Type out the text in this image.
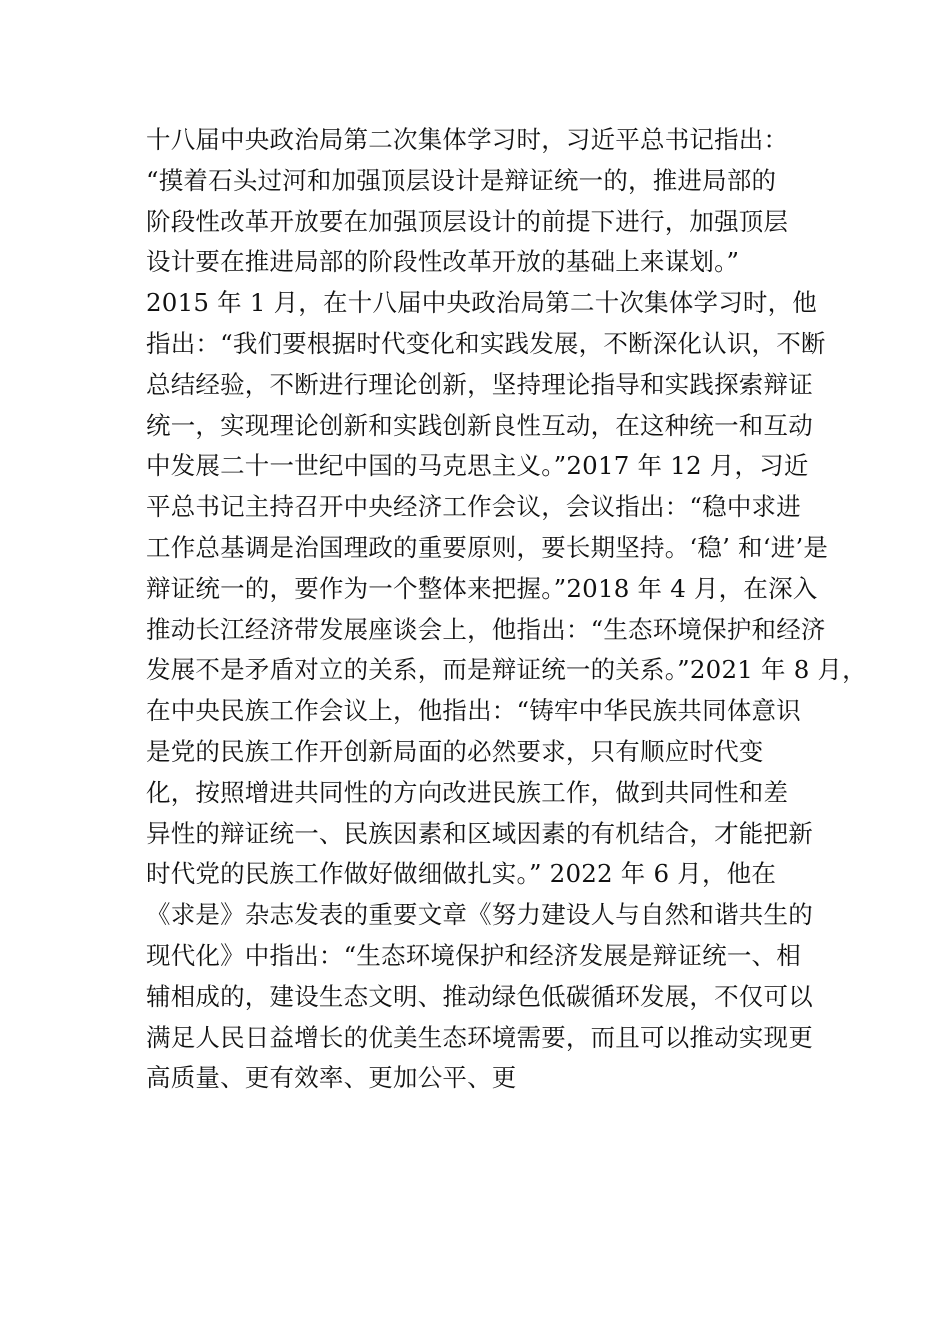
十八届中央政治局第二次集体学习时，习近平总书记指出：
“摸着石头过河和加强顶层设计是辩证统一的，推进局部的
阶段性改革开放要在加强顶层设计的前提下进行，加强顶层
设计要在推进局部的阶段性改革开放的基础上来谋划。”
2015 年 1 月，在十八届中央政治局第二十次集体学习时，他
指出：“我们要根据时代变化和实践发展，不断深化认识，不断
总结经验，不断进行理论创新，坚持理论指导和实践探索辩证
统一，实现理论创新和实践创新良性互动，在这种统一和互动
中发展二十一世纪中国的马克思主义。”2017 年 12 月，习近
平总书记主持召开中央经济工作会议，会议指出：“稳中求进
工作总基调是治国理政的重要原则，要长期坚持。‘稳’ 和‘进’是
辩证统一的，要作为一个整体来把握。”2018 年 4 月，在深入
推动长江经济带发展座谈会上，他指出：“生态环境保护和经济
发展不是矛盾对立的关系，而是辩证统一的关系。”2021 年 8 月，
在中央民族工作会议上，他指出：“铸牢中华民族共同体意识
是党的民族工作开创新局面的必然要求，只有顺应时代变
化，按照增进共同性的方向改进民族工作，做到共同性和差
异性的辩证统一、民族因素和区域因素的有机结合，才能把新
时代党的民族工作做好做细做扎实。” 2022 年 6 月，他在
《求是》杂志发表的重要文章《努力建设人与自然和谐共生的
现代化》中指出：“生态环境保护和经济发展是辩证统一、相
辅相成的，建设生态文明、推动绿色低碳循环发展，不仅可以
满足人民日益增长的优美生态环境需要，而且可以推动实现更
高质量、更有效率、更加公平、更
